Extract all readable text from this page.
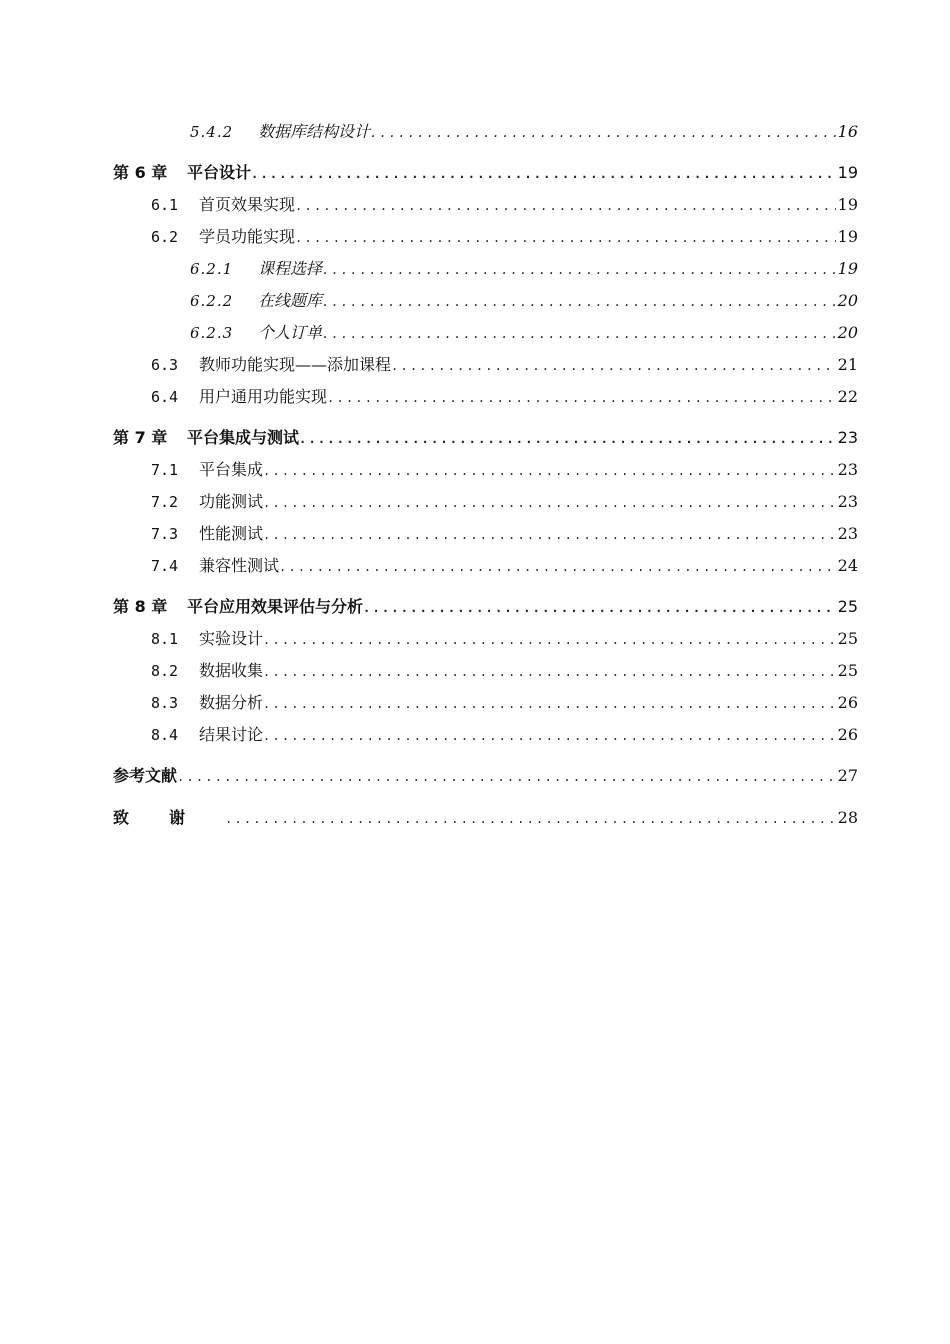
5.4.2	数据库结构设计 .....	16
第 6 章	平台设计 .....	19
6.1	首页效果实现 .....	19
6.2	学员功能实现 .....	19
6.2.1	课程选择 .....	19
6.2.2	在线题库 .....	20
6.2.3	个人订单 .....	20
6.3	教师功能实现——添加课程 .....	21
6.4	用户通用功能实现 .....	22
第 7 章	平台集成与测试 .....	23
7.1	平台集成 .....	23
7.2	功能测试 .....	23
7.3	性能测试 .....	23
7.4	兼容性测试 .....	24
第 8 章	平台应用效果评估与分析 .....	25
8.1	实验设计 .....	25
8.2	数据收集 .....	25
8.3	数据分析 .....	26
8.4	结果讨论 .....	26
参考文献 .....	27
致谢 .....	28
